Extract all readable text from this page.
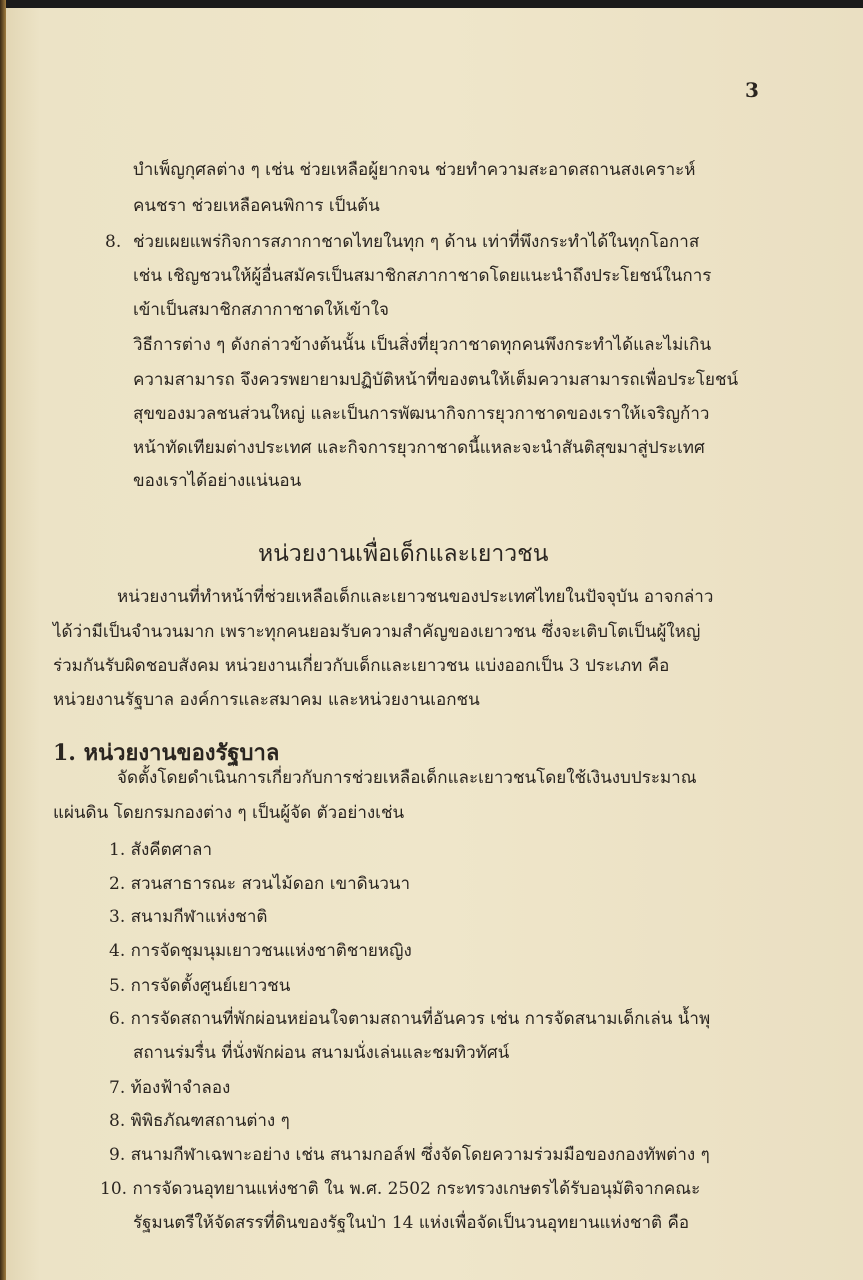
3
บำเพ็ญกุศลต่าง ๆ เช่น ช่วยเหลือผู้ยากจน ช่วยทำความสะอาดสถานสงเคราะห์
คนชรา ช่วยเหลือคนพิการ เป็นต้น
8. ช่วยเผยแพร่กิจการสภากาชาดไทยในทุก ๆ ด้าน เท่าที่พึงกระทำได้ในทุกโอกาส
เช่น เชิญชวนให้ผู้อื่นสมัครเป็นสมาชิกสภากาชาดโดยแนะนำถึงประโยชน์ในการ
เข้าเป็นสมาชิกสภากาชาดให้เข้าใจ
วิธีการต่าง ๆ ดังกล่าวข้างต้นนั้น เป็นสิ่งที่ยุวกาชาดทุกคนพึงกระทำได้และไม่เกิน
ความสามารถ จึงควรพยายามปฏิบัติหน้าที่ของตนให้เต็มความสามารถเพื่อประโยชน์
สุขของมวลชนส่วนใหญ่ และเป็นการพัฒนากิจการยุวกาชาดของเราให้เจริญก้าว
หน้าทัดเทียมต่างประเทศ และกิจการยุวกาชาดนี้แหละจะนำสันติสุขมาสู่ประเทศ
ของเราได้อย่างแน่นอน
หน่วยงานเพื่อเด็กและเยาวชน
หน่วยงานที่ทำหน้าที่ช่วยเหลือเด็กและเยาวชนของประเทศไทยในปัจจุบัน อาจกล่าว
ได้ว่ามีเป็นจำนวนมาก เพราะทุกคนยอมรับความสำคัญของเยาวชน ซึ่งจะเติบโตเป็นผู้ใหญ่
ร่วมกันรับผิดชอบสังคม หน่วยงานเกี่ยวกับเด็กและเยาวชน แบ่งออกเป็น 3 ประเภท คือ
หน่วยงานรัฐบาล องค์การและสมาคม และหน่วยงานเอกชน
1. หน่วยงานของรัฐบาล
จัดตั้งโดยดำเนินการเกี่ยวกับการช่วยเหลือเด็กและเยาวชนโดยใช้เงินงบประมาณ
แผ่นดิน โดยกรมกองต่าง ๆ เป็นผู้จัด ตัวอย่างเช่น
1. สังคีตศาลา
2. สวนสาธารณะ สวนไม้ดอก เขาดินวนา
3. สนามกีฬาแห่งชาติ
4. การจัดชุมนุมเยาวชนแห่งชาติชายหญิง
5. การจัดตั้งศูนย์เยาวชน
6. การจัดสถานที่พักผ่อนหย่อนใจตามสถานที่อันควร เช่น การจัดสนามเด็กเล่น น้ำพุ
สถานร่มรื่น ที่นั่งพักผ่อน สนามนั่งเล่นและชมทิวทัศน์
7. ท้องฟ้าจำลอง
8. พิพิธภัณฑสถานต่าง ๆ
9. สนามกีฬาเฉพาะอย่าง เช่น สนามกอล์ฟ ซึ่งจัดโดยความร่วมมือของกองทัพต่าง ๆ
10. การจัดวนอุทยานแห่งชาติ ใน พ.ศ. 2502 กระทรวงเกษตรได้รับอนุมัติจากคณะ
รัฐมนตรีให้จัดสรรที่ดินของรัฐในป่า 14 แห่งเพื่อจัดเป็นวนอุทยานแห่งชาติ คือ
